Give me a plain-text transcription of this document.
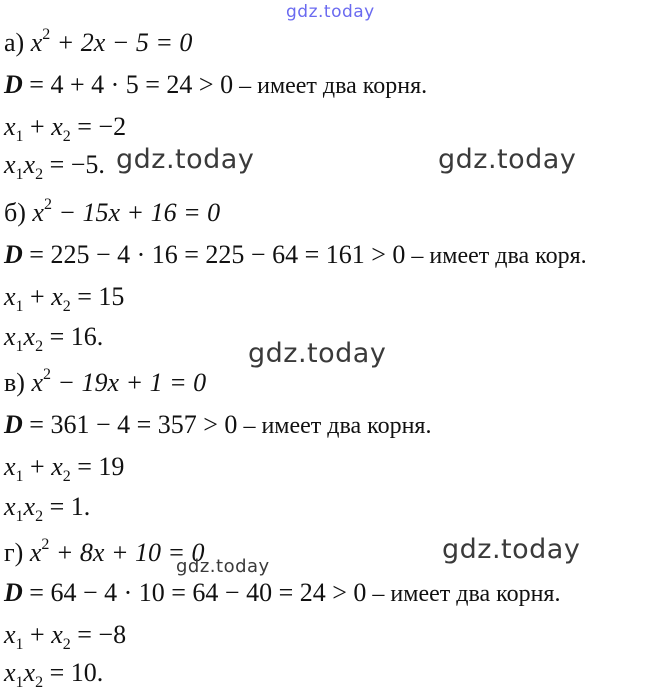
а) $x^2 + 2x - 5 = 0$
D = 4 + 4 · 5 = 24 > 0 – имеет два корня.
$x_1 + x_2 = -2$
$x_1x_2 = -5$.
б) $x^2 - 15x + 16 = 0$
D = 225 − 4 · 16 = 225 − 64 = 161 > 0 – имеет два коря.
$x_1 + x_2 = 15$
$x_1x_2 = 16$.
в) $x^2 - 19x + 1 = 0$
D = 361 − 4 = 357 > 0 – имеет два корня.
$x_1 + x_2 = 19$
$x_1x_2 = 1$.
г) $x^2 + 8x + 10 = 0$
D = 64 − 4 · 10 = 64 − 40 = 24 > 0 – имеет два корня.
$x_1 + x_2 = -8$
$x_1x_2 = 10$.
gdz.today
gdz.today	gdz.today
gdz.today
gdz.today
gdz.today
